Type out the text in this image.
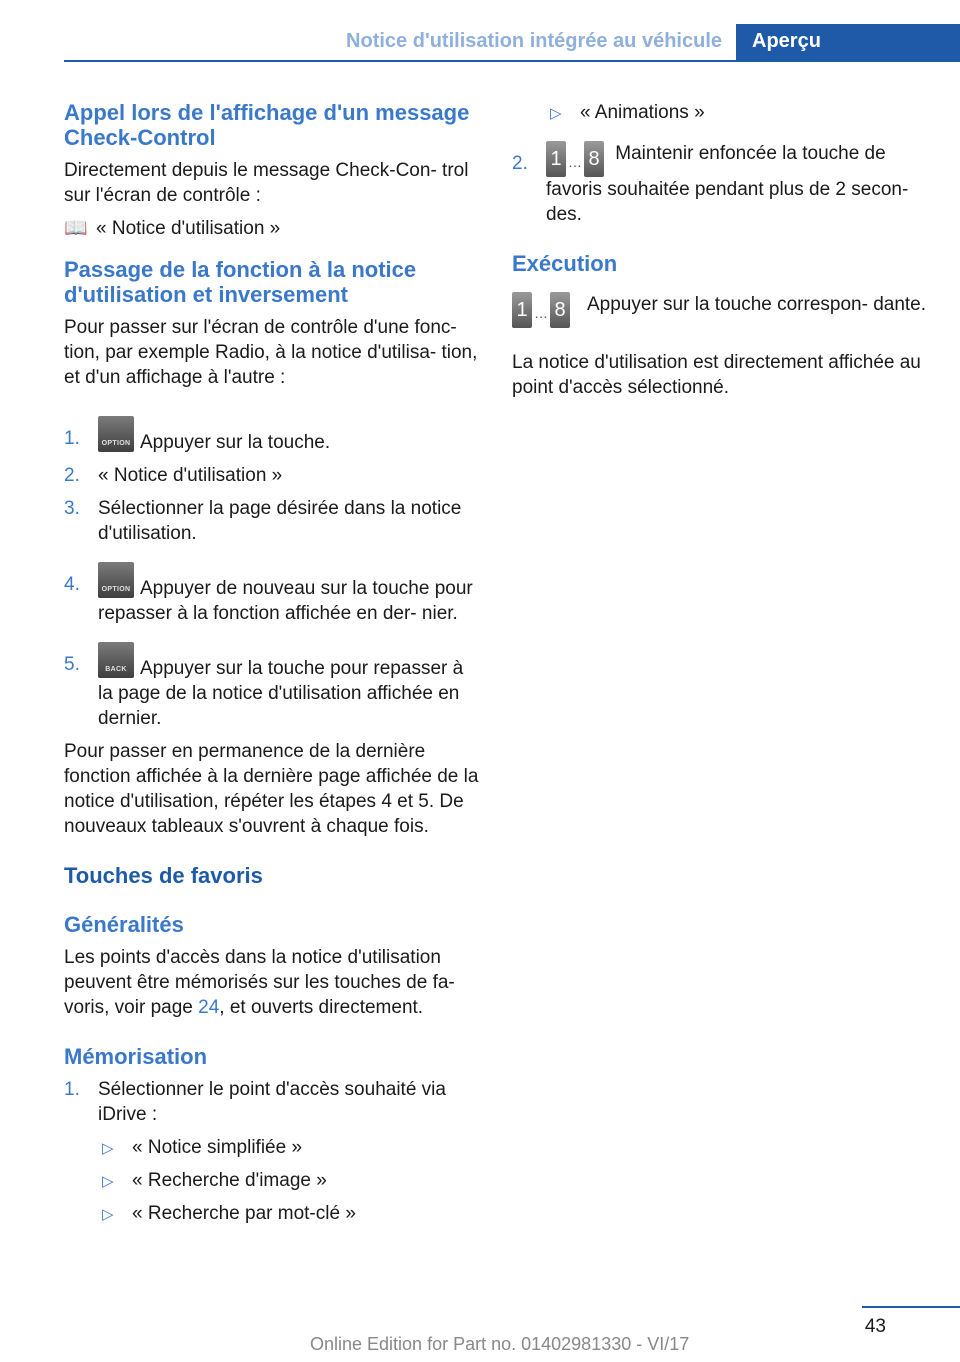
Notice d'utilisation intégrée au véhicule Aperçu
Appel lors de l'affichage d'un message Check-Control

Directement depuis le message Check-Con- trol sur l'écran de contrôle :

📖 « Notice d'utilisation »

Passage de la fonction à la notice d'utilisation et inversement

Pour passer sur l'écran de contrôle d'une fonc- tion, par exemple Radio, à la notice d'utilisa- tion, et d'un affichage à l'autre :

1.	OPTION Appuyer sur la touche.
2. « Notice d'utilisation »
3. Sélectionner la page désirée dans la notice d'utilisation.
4.	OPTION Appuyer de nouveau sur la touche pour repasser à la fonction affichée en der- nier.
5.	BACK Appuyer sur la touche pour repasser à la page de la notice d'utilisation affichée en dernier.

Pour passer en permanence de la dernière fonction affichée à la dernière page affichée de la notice d'utilisation, répéter les étapes 4 et 5. De nouveaux tableaux s'ouvrent à chaque fois.

Touches de favoris
Généralités

Les points d'accès dans la notice d'utilisation peuvent être mémorisés sur les touches de fa- voris, voir page 24, et ouverts directement.

Mémorisation
1. Sélectionner le point d'accès souhaité via iDrive :
▷ « Notice simplifiée »
▷ « Recherche d'image »
▷ « Recherche par mot-clé »
▷ « Animations »
2. 1 … 8 Maintenir enfoncée la touche de favoris souhaitée pendant plus de 2 secon- des.
Exécution
1 … 8 Appuyer sur la touche correspon- dante.

La notice d'utilisation est directement affichée au point d'accès sélectionné.

43
Online Edition for Part no. 01402981330 - VI/17
